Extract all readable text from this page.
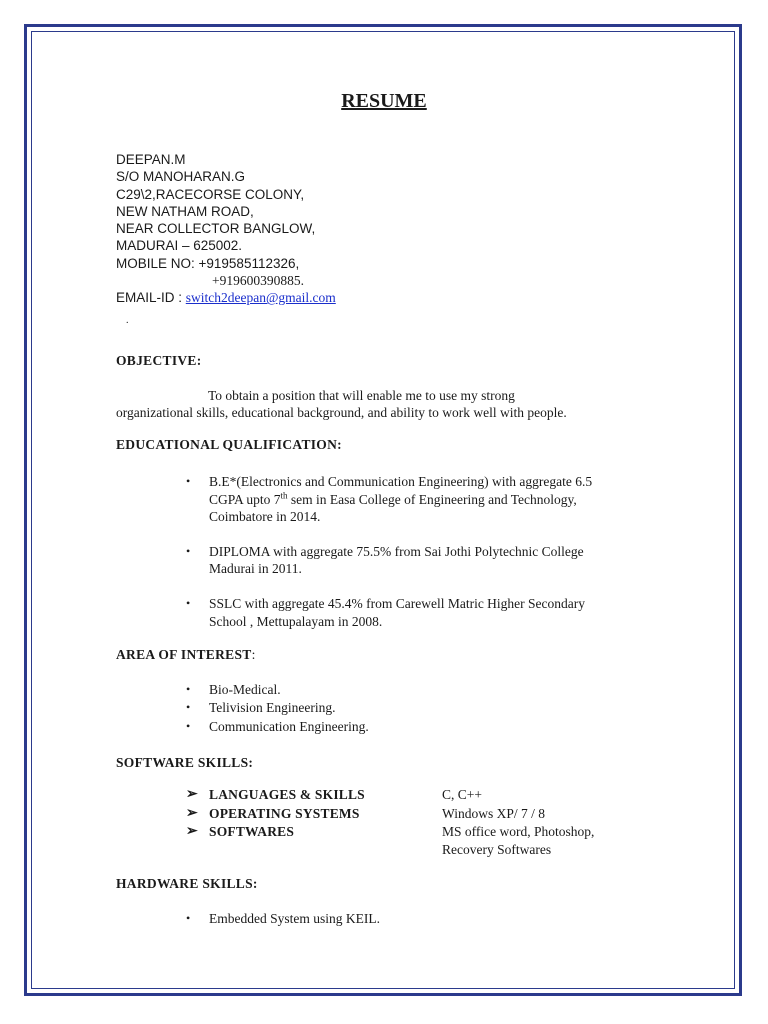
RESUME
DEEPAN.M
S/O MANOHARAN.G
C29\2,RACECORSE COLONY,
NEW NATHAM ROAD,
NEAR COLLECTOR BANGLOW,
MADURAI – 625002.
MOBILE NO: +919585112326,
+919600390885.
EMAIL-ID : switch2deepan@gmail.com
.
OBJECTIVE:
To obtain a position that will enable me to use my strong
organizational skills, educational background, and ability to work well with people.
EDUCATIONAL QUALIFICATION:
•	B.E*(Electronics and Communication Engineering) with aggregate 6.5
CGPA upto 7th sem in Easa College of Engineering and Technology,
Coimbatore in 2014.
•	DIPLOMA with aggregate 75.5% from Sai Jothi Polytechnic College
Madurai in 2011.
•	SSLC with aggregate 45.4% from Carewell Matric Higher Secondary
School , Mettupalayam in 2008.
AREA OF INTEREST:
•	Bio-Medical.
•	Telivision Engineering.
•	Communication Engineering.
SOFTWARE SKILLS:
➢ LANGUAGES & SKILLS	C, C++
➢ OPERATING SYSTEMS	Windows XP/ 7 / 8
➢ SOFTWARES	MS office word, Photoshop,
Recovery Softwares
HARDWARE SKILLS:
•	Embedded System using KEIL.
